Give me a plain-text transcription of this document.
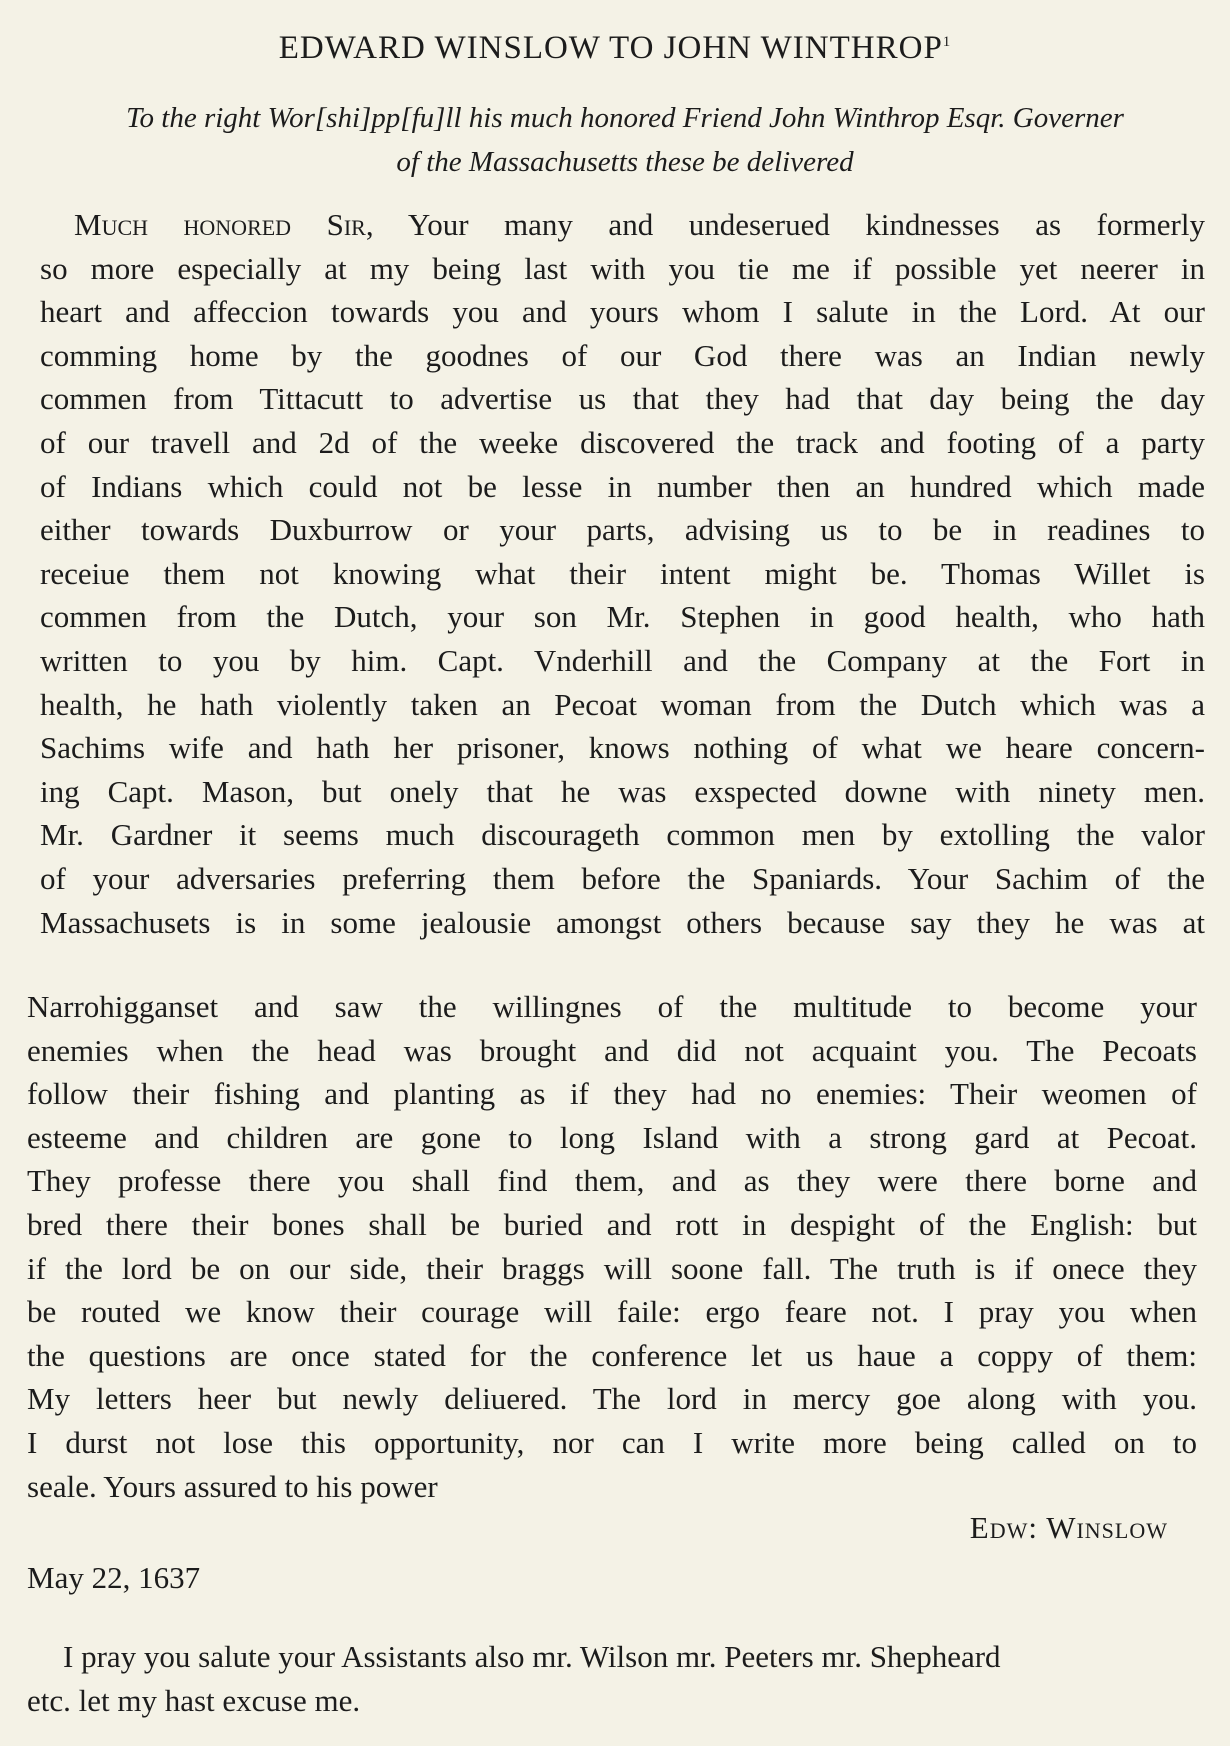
EDWARD WINSLOW TO JOHN WINTHROP$^1$
To the right Wor[shi]pp[fu]ll his much honored Friend John Winthrop Esqr. Governer
of the Massachusetts these be delivered
Much honored Sir, Your many and undeserued kindnesses as formerly
so more especially at my being last with you tie me if possible yet neerer in
heart and affeccion towards you and yours whom I salute in the Lord. At our
comming home by the goodnes of our God there was an Indian newly
commen from Tittacutt to advertise us that they had that day being the day
of our travell and 2d of the weeke discovered the track and footing of a party
of Indians which could not be lesse in number then an hundred which made
either towards Duxburrow or your parts, advising us to be in readines to
receiue them not knowing what their intent might be. Thomas Willet is
commen from the Dutch, your son Mr. Stephen in good health, who hath
written to you by him. Capt. Vnderhill and the Company at the Fort in
health, he hath violently taken an Pecoat woman from the Dutch which was a
Sachims wife and hath her prisoner, knows nothing of what we heare concern-
ing Capt. Mason, but onely that he was exspected downe with ninety men.
Mr. Gardner it seems much discourageth common men by extolling the valor
of your adversaries preferring them before the Spaniards. Your Sachim of the
Massachusets is in some jealousie amongst others because say they he was at
Narrohigganset and saw the willingnes of the multitude to become your
enemies when the head was brought and did not acquaint you. The Pecoats
follow their fishing and planting as if they had no enemies: Their weomen of
esteeme and children are gone to long Island with a strong gard at Pecoat.
They professe there you shall find them, and as they were there borne and
bred there their bones shall be buried and rott in despight of the English: but
if the lord be on our side, their braggs will soone fall. The truth is if onece they
be routed we know their courage will faile: ergo feare not. I pray you when
the questions are once stated for the conference let us haue a coppy of them:
My letters heer but newly deliuered. The lord in mercy goe along with you.
I durst not lose this opportunity, nor can I write more being called on to
seale. Yours assured to his power
Edw: Winslow
May 22, 1637
I pray you salute your Assistants also mr. Wilson mr. Peeters mr. Shepheard
etc. let my hast excuse me.
